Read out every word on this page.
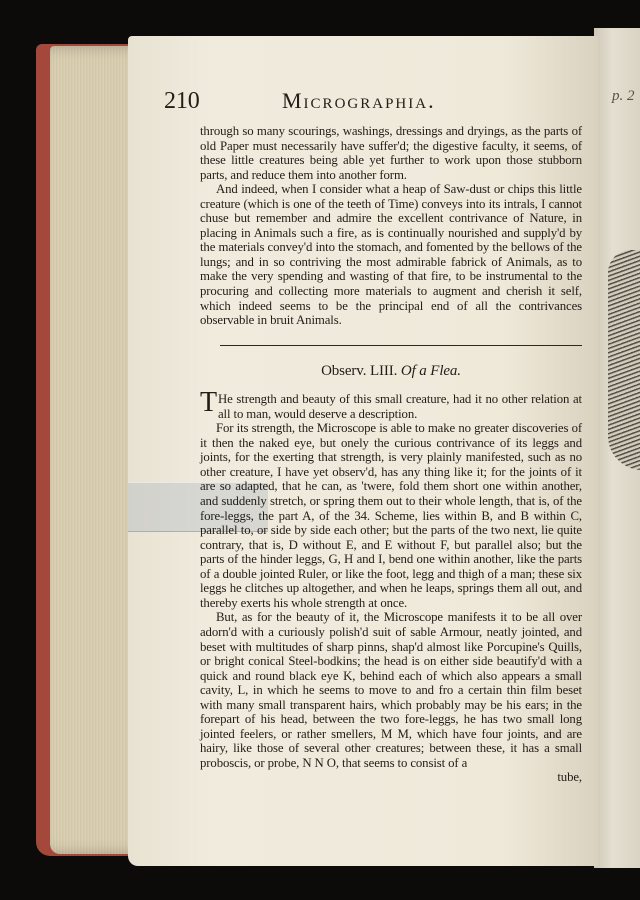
p. 2
210	Micrographia.

through so many scourings, washings, dressings and dryings, as the parts of old Paper must necessarily have suffer'd; the digestive faculty, it seems, of these little creatures being able yet further to work upon those stubborn parts, and reduce them into another form.

And indeed, when I consider what a heap of Saw-dust or chips this little creature (which is one of the teeth of Time) conveys into its intrals, I cannot chuse but remember and admire the excellent contrivance of Nature, in placing in Animals such a fire, as is continually nourished and supply'd by the materials convey'd into the stomach, and fomented by the bellows of the lungs; and in so contriving the most admirable fabrick of Animals, as to make the very spending and wasting of that fire, to be instrumental to the procuring and collecting more materials to augment and cherish it self, which indeed seems to be the principal end of all the contrivances observable in bruit Animals.

Observ. LIII. Of a Flea.

T He strength and beauty of this small creature, had it no other relation at all to man, would deserve a description.

For its strength, the Microscope is able to make no greater discoveries of it then the naked eye, but onely the curious contrivance of its leggs and joints, for the exerting that strength, is very plainly manifested, such as no other creature, I have yet observ'd, has any thing like it; for the joints of it are so adapted, that he can, as 'twere, fold them short one within another, and suddenly stretch, or spring them out to their whole length, that is, of the fore-leggs, the part A, of the 34. Scheme, lies within B, and B within C, parallel to, or side by side each other; but the parts of the two next, lie quite contrary, that is, D without E, and E without F, but parallel also; but the parts of the hinder leggs, G, H and I, bend one within another, like the parts of a double jointed Ruler, or like the foot, legg and thigh of a man; these six leggs he clitches up altogether, and when he leaps, springs them all out, and thereby exerts his whole strength at once.

But, as for the beauty of it, the Microscope manifests it to be all over adorn'd with a curiously polish'd suit of sable Armour, neatly jointed, and beset with multitudes of sharp pinns, shap'd almost like Porcupine's Quills, or bright conical Steel-bodkins; the head is on either side beautify'd with a quick and round black eye K, behind each of which also appears a small cavity, L, in which he seems to move to and fro a certain thin film beset with many small transparent hairs, which probably may be his ears; in the forepart of his head, between the two fore-leggs, he has two small long jointed feelers, or rather smellers, M M, which have four joints, and are hairy, like those of several other creatures; between these, it has a small proboscis, or probe, N N O, that seems to consist of a

tube,
